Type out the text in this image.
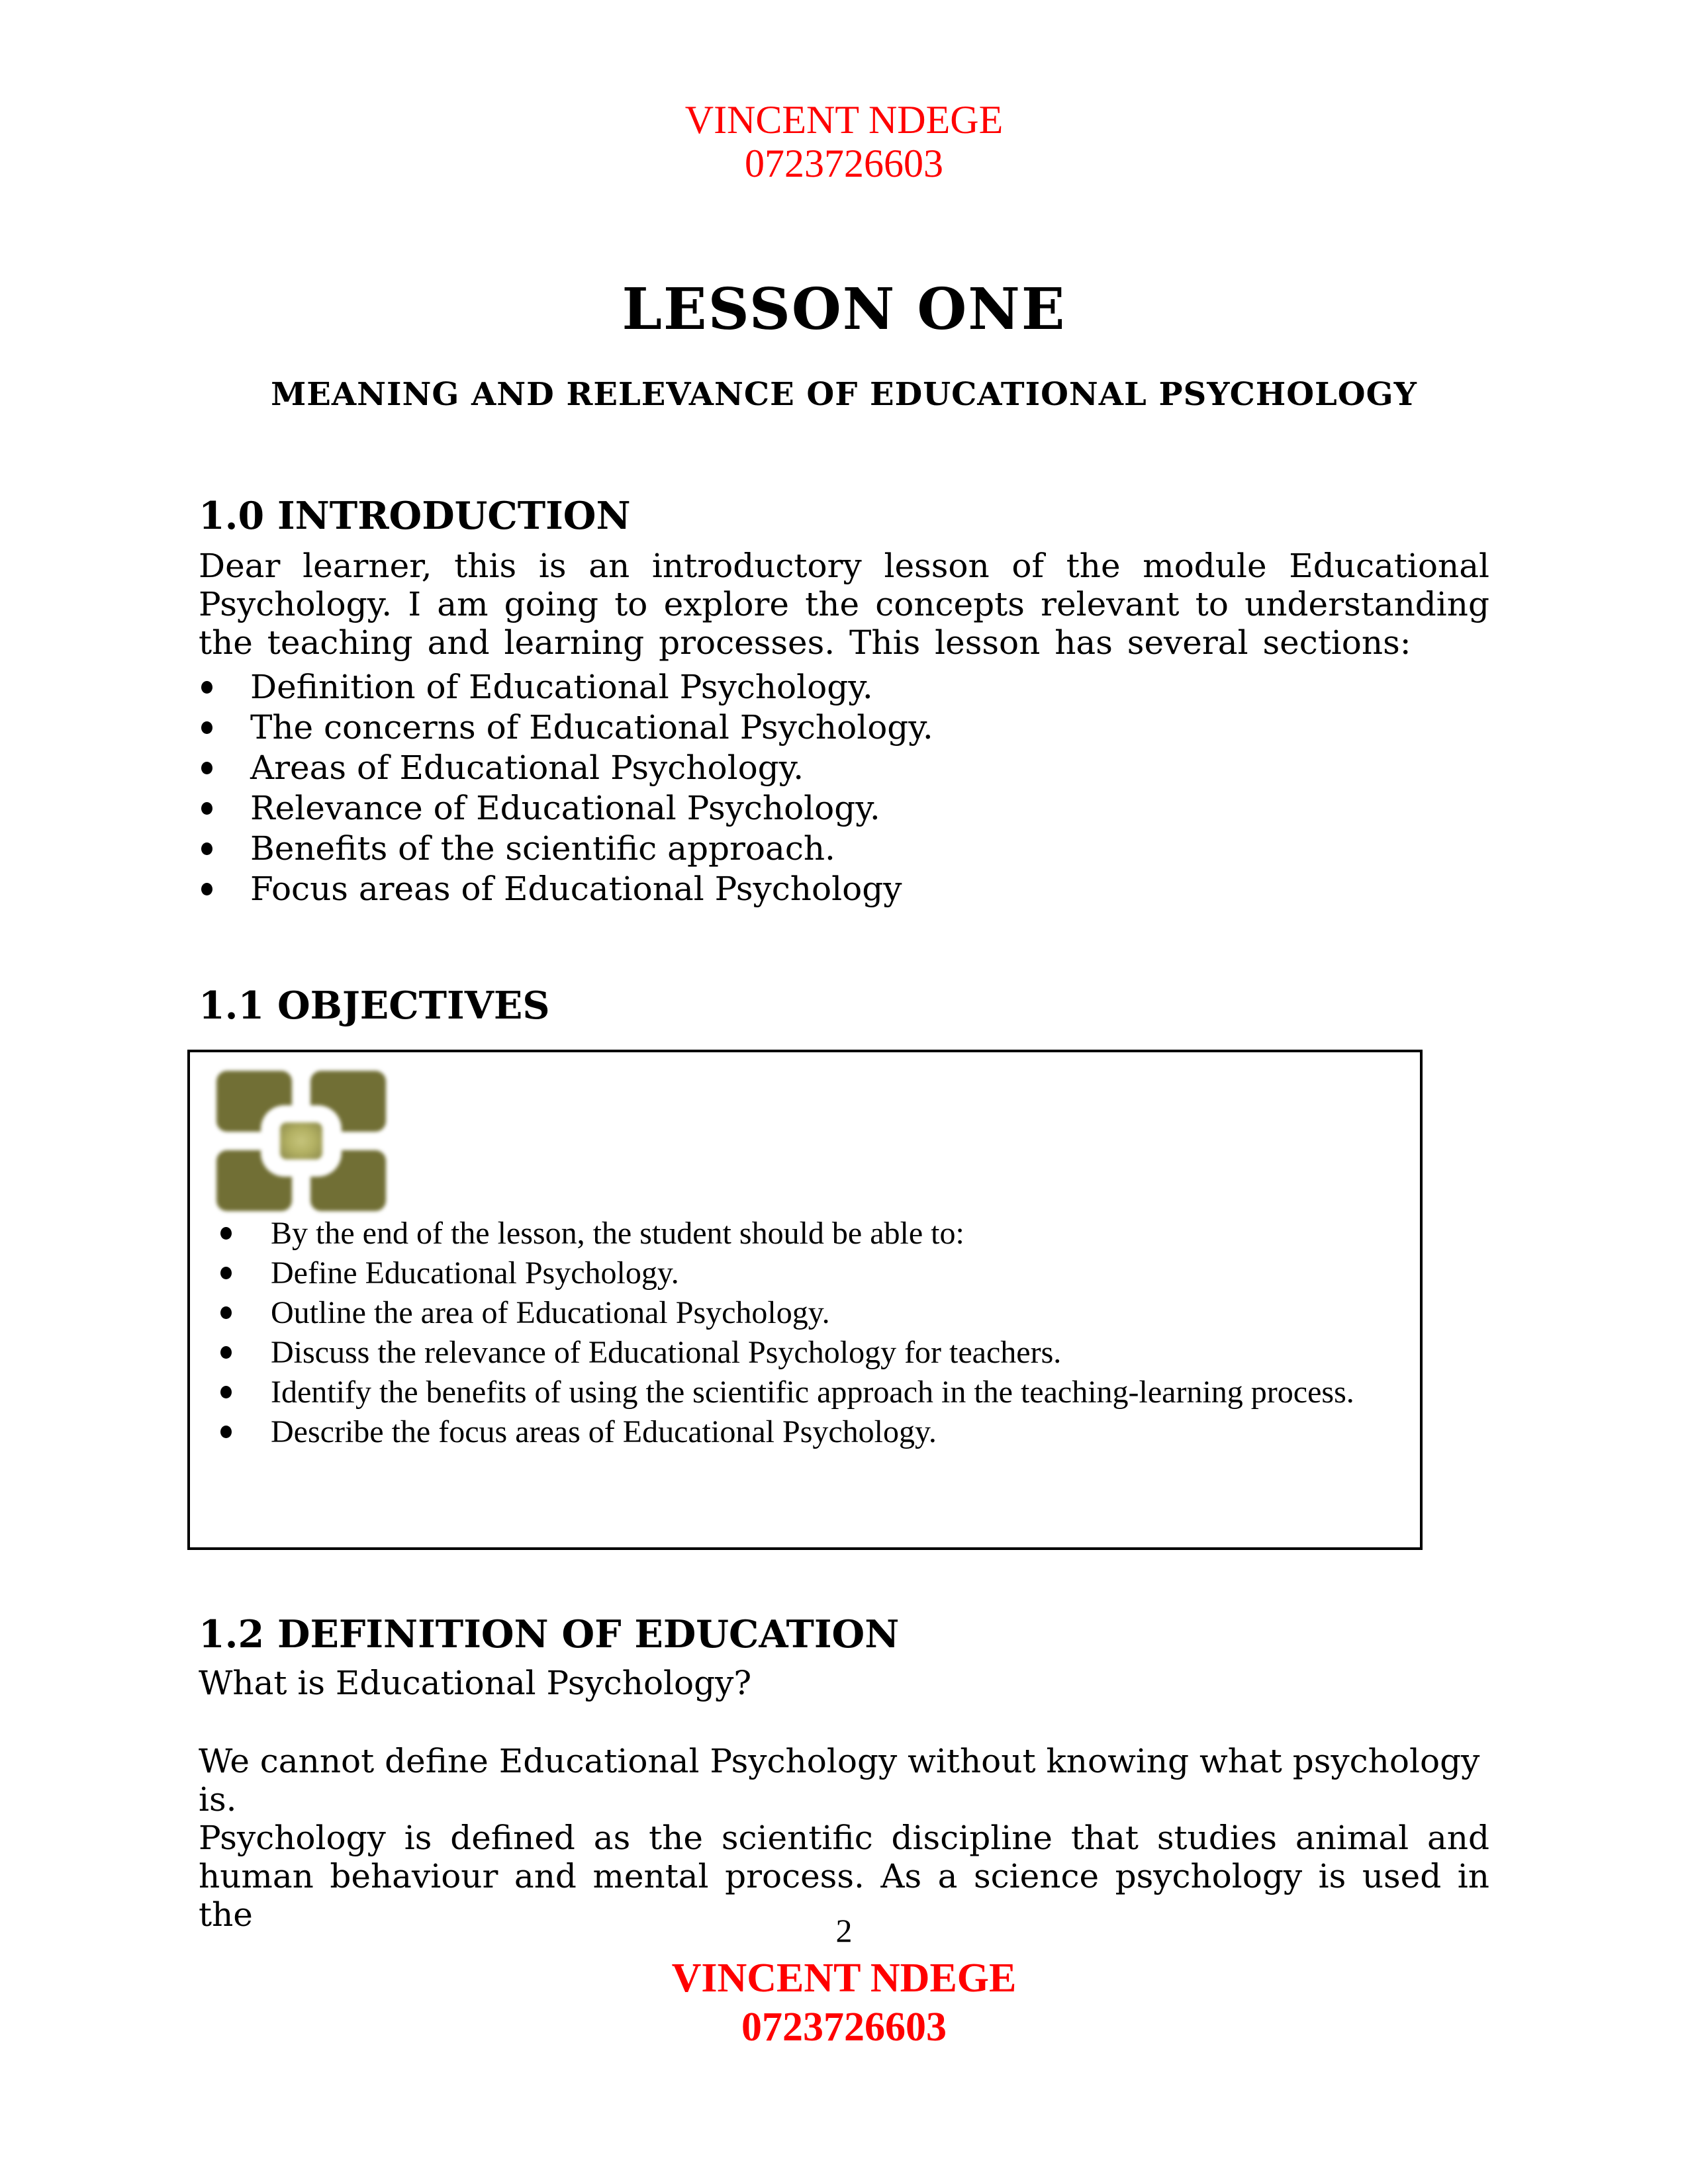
VINCENT NDEGE
0723726603
LESSON ONE
MEANING AND RELEVANCE OF EDUCATIONAL PSYCHOLOGY
1.0 INTRODUCTION
Dear learner, this is an introductory lesson of the module Educational Psychology. I am going to explore the concepts relevant to understanding the teaching and learning processes. This lesson has several sections:
Definition of Educational Psychology.
The concerns of Educational Psychology.
Areas of Educational Psychology.
Relevance of Educational Psychology.
Benefits of the scientific approach.
Focus areas of Educational Psychology
1.1 OBJECTIVES
By the end of the lesson, the student should be able to:
Define Educational Psychology.
Outline the area of Educational Psychology.
Discuss the relevance of Educational Psychology for teachers.
Identify the benefits of using the scientific approach in the teaching-learning process.
Describe the focus areas of Educational Psychology.
1.2 DEFINITION OF EDUCATION
What is Educational Psychology?
We cannot define Educational Psychology without knowing what psychology is.
Psychology is defined as the scientific discipline that studies animal and human behaviour and mental process. As a science psychology is used in the	2
VINCENT NDEGE
0723726603
